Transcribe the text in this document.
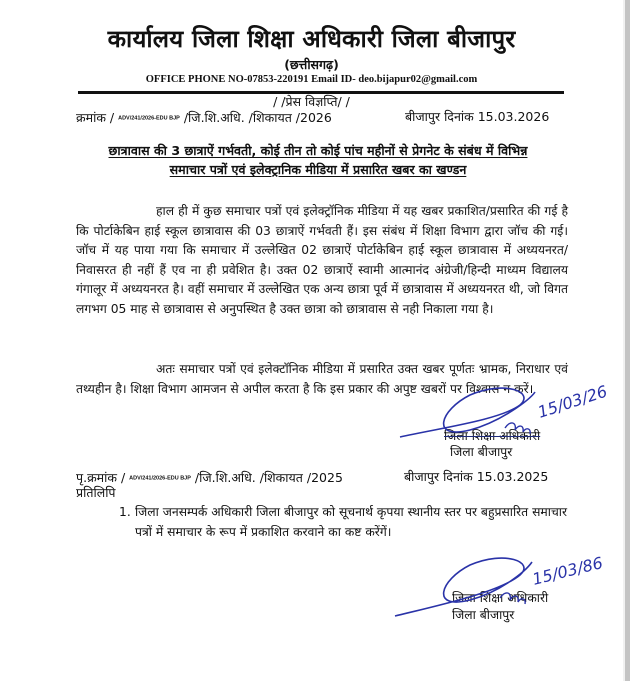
कार्यालय जिला शिक्षा अधिकारी जिला बीजापुर
(छत्तीसगढ़)
OFFICE PHONE NO-07853-220191 Email ID- deo.bijapur02@gmail.com
/ /प्रेस विज्ञप्ति/ /
क्रमांक / ADV/241/2026-EDU BJP /जि.शि.अधि. /शिकायत /2026	बीजापुर दिनांक 15.03.2026
छात्रावास की 3 छात्राऐं गर्भवती, कोई तीन तो कोई पांच महीनों से प्रेगनेट के संबंध में विभिन्न
समाचार पत्रों एवं इलेक्ट्रानिक मीडिया में प्रसारित खबर का खण्डन
हाल ही में कुछ समाचार पत्रों एवं इलेक्ट्रॉनिक मीडिया में यह खबर प्रकाशित/प्रसारित की गई है कि पोर्टाकेबिन हाई स्कूल छात्रावास की 03 छात्राऐं गर्भवती हैं। इस संबंध में शिक्षा विभाग द्वारा जॉच की गई। जॉच में यह पाया गया कि समाचार में उल्लेखित 02 छात्राऐं पोर्टाकेबिन हाई स्कूल छात्रावास में अध्ययनरत/निवासरत ही नहीं हैं एव ना ही प्रवेशित है। उक्त 02 छात्राऐं स्वामी आत्मानंद अंग्रेजी/हिन्दी माध्यम विद्यालय गंगालूर में अध्ययनरत है। वहीं समाचार में उल्लेखित एक अन्य छात्रा पूर्व में छात्रावास में अध्ययनरत थी, जो विगत लगभग 05 माह से छात्रावास से अनुपस्थित है उक्त छात्रा को छात्रावास से नही निकाला गया है।
अतः समाचार पत्रों एवं इलेक्टॉनिक मीडिया में प्रसारित उक्त खबर पूर्णतः भ्रामक, निराधार एवं तथ्यहीन है। शिक्षा विभाग आमजन से अपील करता है कि इस प्रकार की अपुष्ट खबरों पर विश्वास न करें।
जिला शिक्षा अधिकारी
जिला बीजापुर
पृ.क्रमांक / ADV/241/2026-EDU BJP /जि.शि.अधि. /शिकायत /2025	बीजापुर दिनांक 15.03.2025
प्रतिलिपि
1. जिला जनसम्पर्क अधिकारी जिला बीजापुर को सूचनार्थ कृपया स्थानीय स्तर पर बहुप्रसारित समाचार पत्रों में समाचार के रूप में प्रकाशित करवाने का कष्ट करेंगें।
जिला शिक्षा अधिकारी
जिला बीजापुर
15/03/26
15/03/86
